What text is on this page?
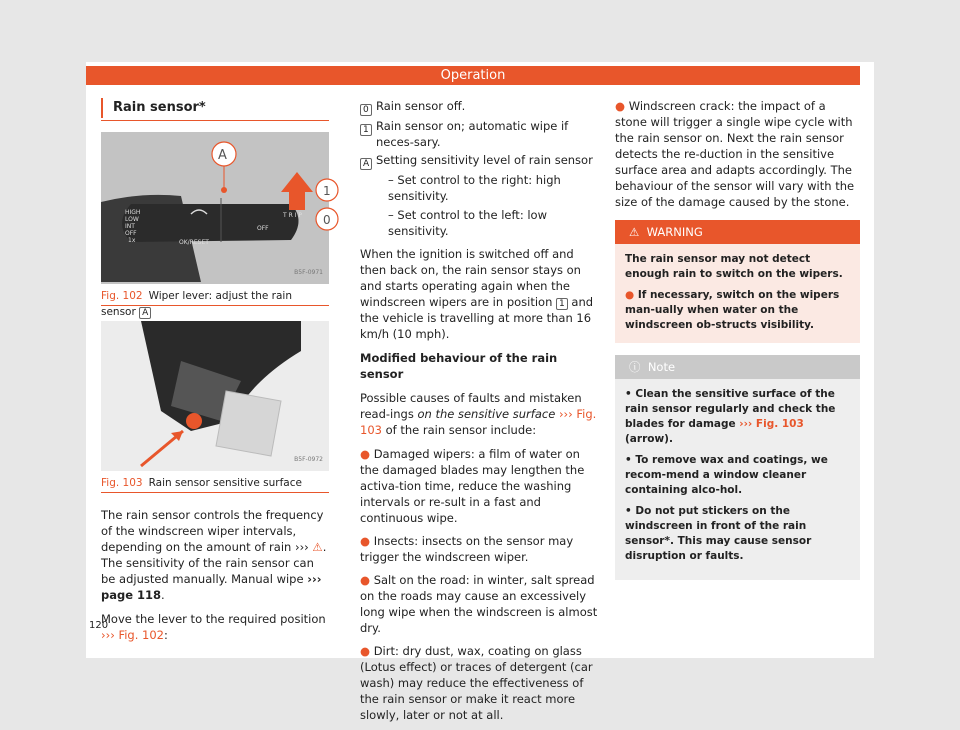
Operation
Rain sensor*
HIGH
LOW
INT
OFF
1x	OK/RESET
OFF
T R I P
A
1
0
B5F-0971
Fig. 102 Wiper lever: adjust the rain sensor A
B5F-0972
Fig. 103 Rain sensor sensitive surface

The rain sensor controls the frequency of the windscreen wiper intervals, depending on the amount of rain ››› ⚠. The sensitivity of the rain sensor can be adjusted manually. Manual wipe ››› page 118.

Move the lever to the required position ››› Fig. 102:

0 Rain sensor off.
1 Rain sensor on; automatic wipe if neces-sary.
A Setting sensitivity level of rain sensor
– Set control to the right: high sensitivity.
– Set control to the left: low sensitivity.

When the ignition is switched off and then back on, the rain sensor stays on and starts operating again when the windscreen wipers are in position 1 and the vehicle is travelling at more than 16 km/h (10 mph).

Modified behaviour of the rain sensor

Possible causes of faults and mistaken read-ings on the sensitive surface ››› Fig. 103 of the rain sensor include:

● Damaged wipers: a film of water on the damaged blades may lengthen the activa-tion time, reduce the washing intervals or re-sult in a fast and continuous wipe.
● Insects: insects on the sensor may trigger the windscreen wiper.
● Salt on the road: in winter, salt spread on the roads may cause an excessively long wipe when the windscreen is almost dry.
● Dirt: dry dust, wax, coating on glass (Lotus effect) or traces of detergent (car wash) may reduce the effectiveness of the rain sensor or make it react more slowly, later or not at all.
● Windscreen crack: the impact of a stone will trigger a single wipe cycle with the rain sensor on. Next the rain sensor detects the re-duction in the sensitive surface area and adapts accordingly. The behaviour of the sensor will vary with the size of the damage caused by the stone.
⚠ WARNING
The rain sensor may not detect enough rain to switch on the wipers.
● If necessary, switch on the wipers man-ually when water on the windscreen ob-structs visibility.
ⓘ Note
• Clean the sensitive surface of the rain sensor regularly and check the blades for damage ››› Fig. 103 (arrow).
• To remove wax and coatings, we recom-mend a window cleaner containing alco-hol.
• Do not put stickers on the windscreen in front of the rain sensor*. This may cause sensor disruption or faults.
120
